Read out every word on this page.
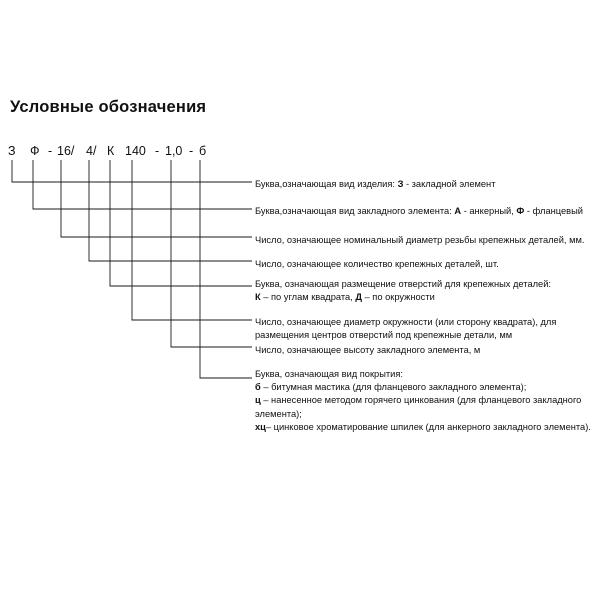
Условные обозначения
З Ф - 16/ 4/ К 140 - 1,0 - б
Буква,означающая вид изделия: З - закладной элемент
Буква,означающая вид закладного элемента: А - анкерный, Ф - фланцевый
Число, означающее номинальный диаметр резьбы крепежных деталей, мм.
Число, означающее количество крепежных деталей, шт.
Буква, означающая размещение отверстий для крепежных деталей:
К – по углам квадрата, Д – по окружности
Число, означающее диаметр окружности (или сторону квадрата), для
размещения центров отверстий под крепежные детали, мм
Число, означающее высоту закладного элемента, м
Буква, означающая вид покрытия:
б – битумная мастика (для фланцевого закладного элемента);
ц – нанесенное методом горячего цинкования (для фланцевого закладного
элемента);
хц– цинковое хроматирование шпилек (для анкерного закладного элемента).
